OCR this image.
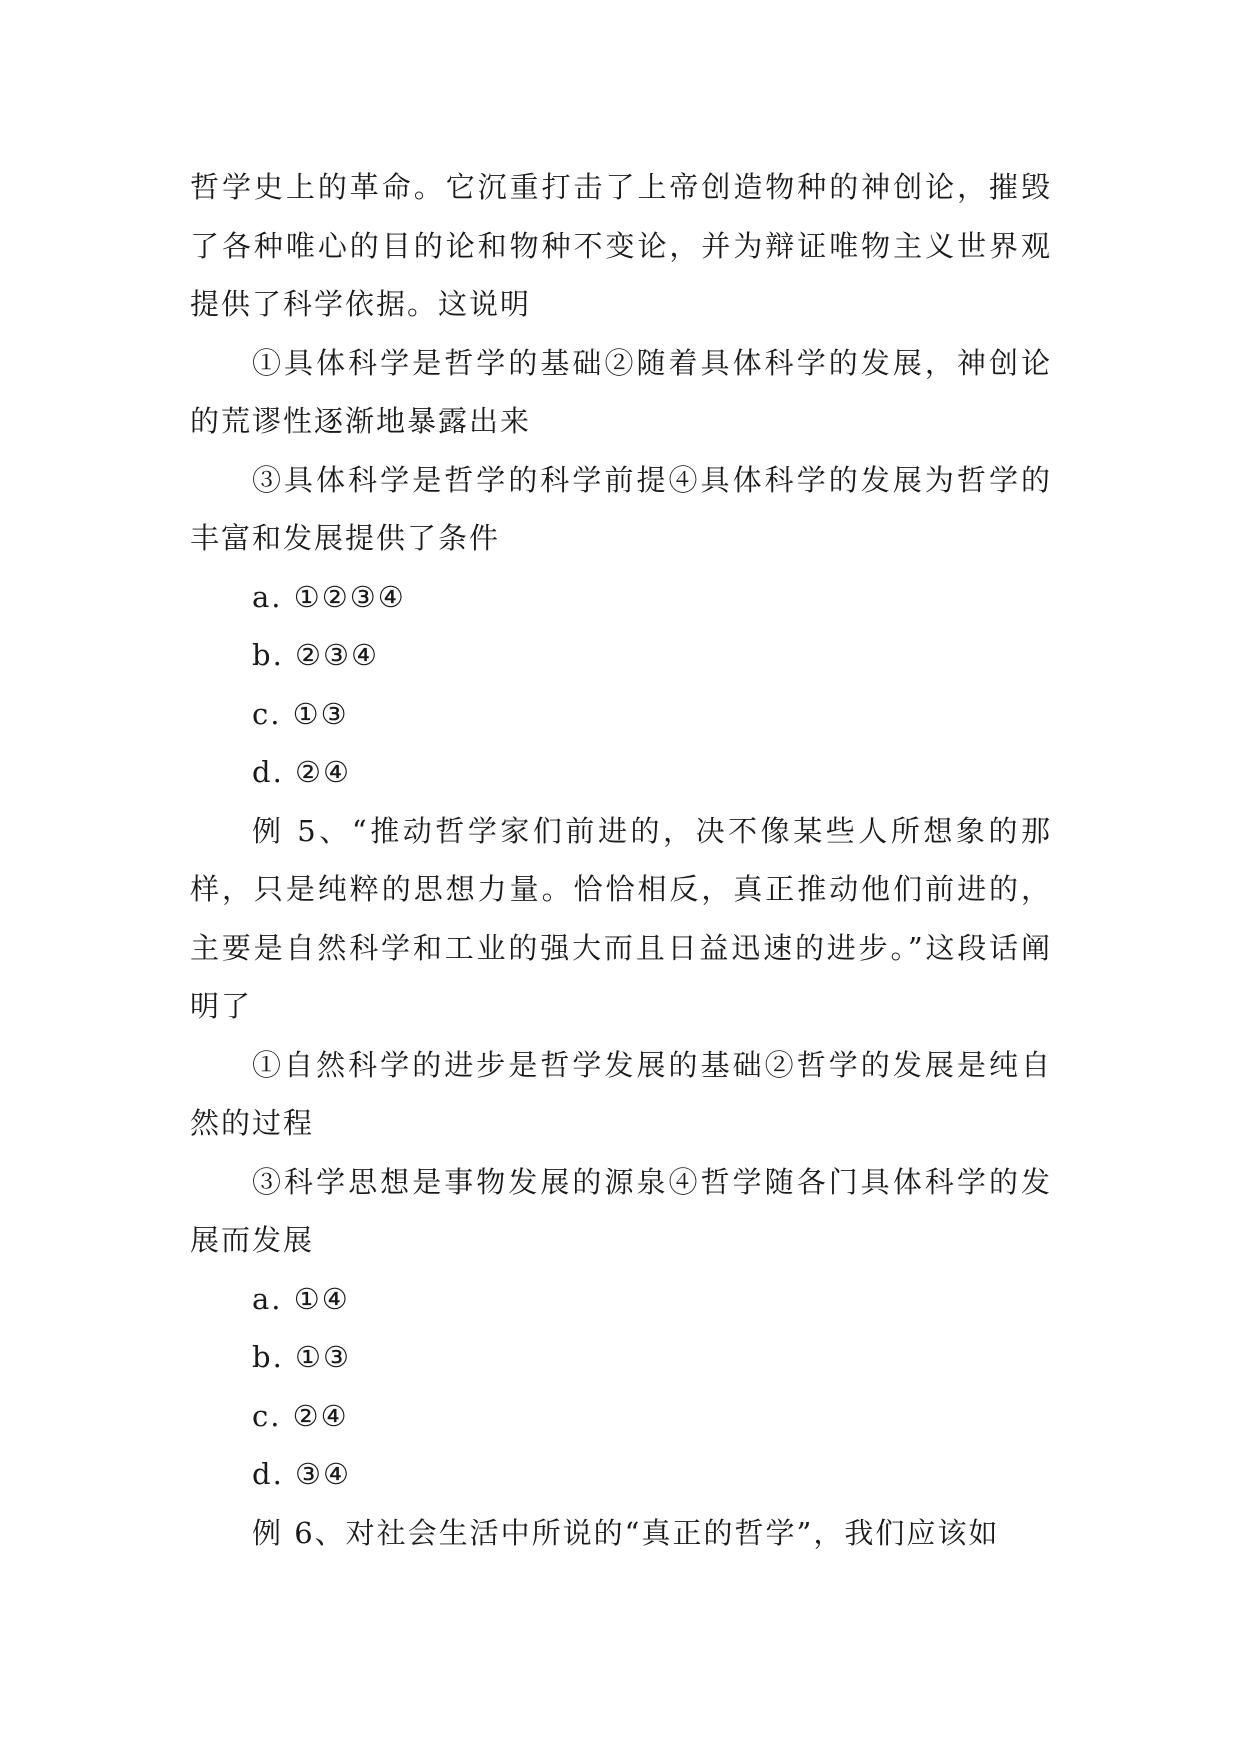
哲学史上的革命。它沉重打击了上帝创造物种的神创论，摧毁了各种唯心的目的论和物种不变论，并为辩证唯物主义世界观提供了科学依据。这说明

①具体科学是哲学的基础②随着具体科学的发展，神创论的荒谬性逐渐地暴露出来

③具体科学是哲学的科学前提④具体科学的发展为哲学的丰富和发展提供了条件

a. ①②③④

b. ②③④

c. ①③

d. ②④

例 5、“推动哲学家们前进的，决不像某些人所想象的那样，只是纯粹的思想力量。恰恰相反，真正推动他们前进的，主要是自然科学和工业的强大而且日益迅速的进步。”这段话阐明了

①自然科学的进步是哲学发展的基础②哲学的发展是纯自然的过程

③科学思想是事物发展的源泉④哲学随各门具体科学的发展而发展

a. ①④

b. ①③

c. ②④

d. ③④

例 6、对社会生活中所说的“真正的哲学”，我们应该如
